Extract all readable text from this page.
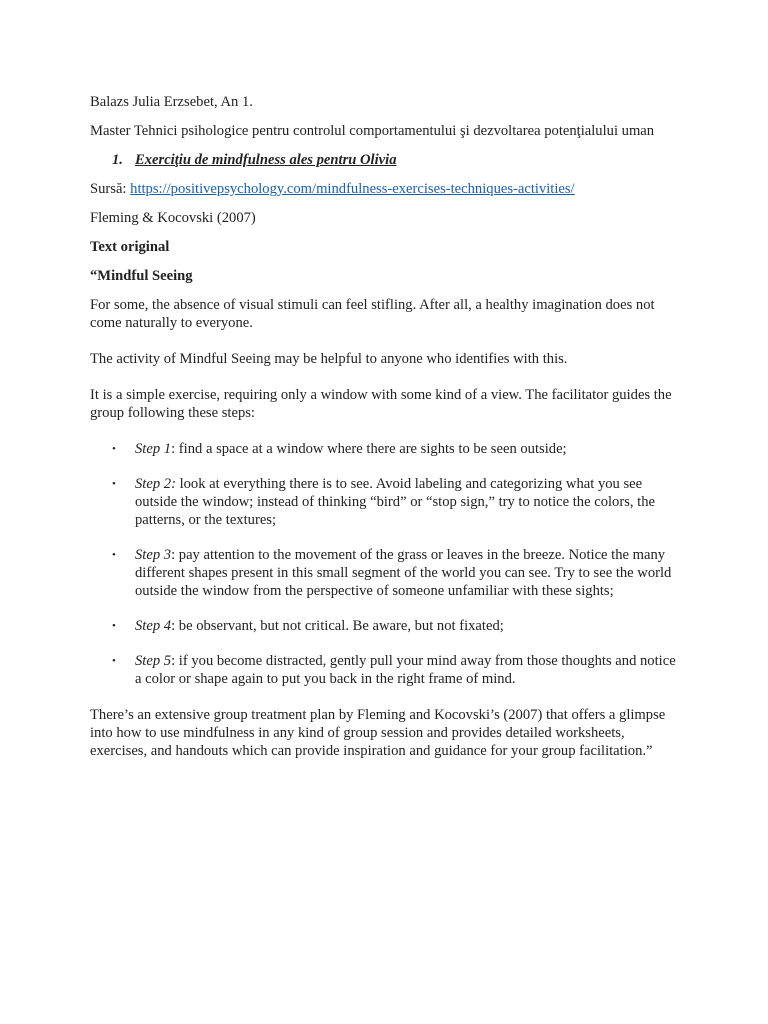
Balazs Julia Erzsebet, An 1.

Master Tehnici psihologice pentru controlul comportamentului şi dezvoltarea potenţialului uman

1. Exerciţiu de mindfulness ales pentru Olivia

Sursă: https://positivepsychology.com/mindfulness-exercises-techniques-activities/

Fleming & Kocovski (2007)

Text original

“Mindful Seeing

For some, the absence of visual stimuli can feel stifling. After all, a healthy imagination does not come naturally to everyone.

The activity of Mindful Seeing may be helpful to anyone who identifies with this.

It is a simple exercise, requiring only a window with some kind of a view. The facilitator guides the group following these steps:

• Step 1: find a space at a window where there are sights to be seen outside;
• Step 2: look at everything there is to see. Avoid labeling and categorizing what you see outside the window; instead of thinking “bird” or “stop sign,” try to notice the colors, the patterns, or the textures;
• Step 3: pay attention to the movement of the grass or leaves in the breeze. Notice the many different shapes present in this small segment of the world you can see. Try to see the world outside the window from the perspective of someone unfamiliar with these sights;
• Step 4: be observant, but not critical. Be aware, but not fixated;
• Step 5: if you become distracted, gently pull your mind away from those thoughts and notice a color or shape again to put you back in the right frame of mind.

There’s an extensive group treatment plan by Fleming and Kocovski’s (2007) that offers a glimpse into how to use mindfulness in any kind of group session and provides detailed worksheets, exercises, and handouts which can provide inspiration and guidance for your group facilitation.”
